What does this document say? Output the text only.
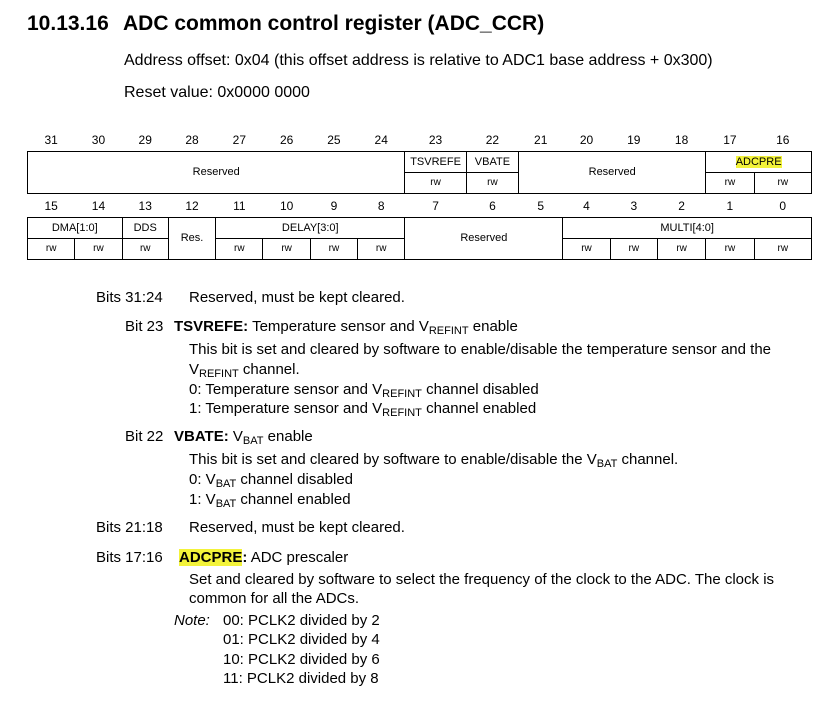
10.13.16 ADC common control register (ADC_CCR)
Address offset: 0x04 (this offset address is relative to ADC1 base address + 0x300)
Reset value: 0x0000 0000
31	30	29	28	27	26	25	24	23	22	21	20	19	18	17	16
Reserved								TSVREFE	VBATE	Reserved				ADCPRE	
								rw	rw					rw	rw
15	14	13	12	11	10	9	8	7	6	5	4	3	2	1	0
DMA[1:0]		DDS	Res.	DELAY[3:0]				Reserved			MULTI[4:0]				
rw	rw	rw		rw	rw	rw	rw				rw	rw	rw	rw	rw
Bits 31:24 Reserved, must be kept cleared.
Bit 23 TSVREFE: Temperature sensor and $V_{REFINT}$ enable
This bit is set and cleared by software to enable/disable the temperature sensor and the
$V_{REFINT}$ channel.
0: Temperature sensor and $V_{REFINT}$ channel disabled
1: Temperature sensor and $V_{REFINT}$ channel enabled
Bit 22 VBATE: $V_{BAT}$ enable
This bit is set and cleared by software to enable/disable the $V_{BAT}$ channel.
0: $V_{BAT}$ channel disabled
1: $V_{BAT}$ channel enabled
Bits 21:18 Reserved, must be kept cleared.
Bits 17:16 ADCPRE: ADC prescaler
Set and cleared by software to select the frequency of the clock to the ADC. The clock is
common for all the ADCs.
Note: 00: PCLK2 divided by 2
01: PCLK2 divided by 4
10: PCLK2 divided by 6
11: PCLK2 divided by 8
